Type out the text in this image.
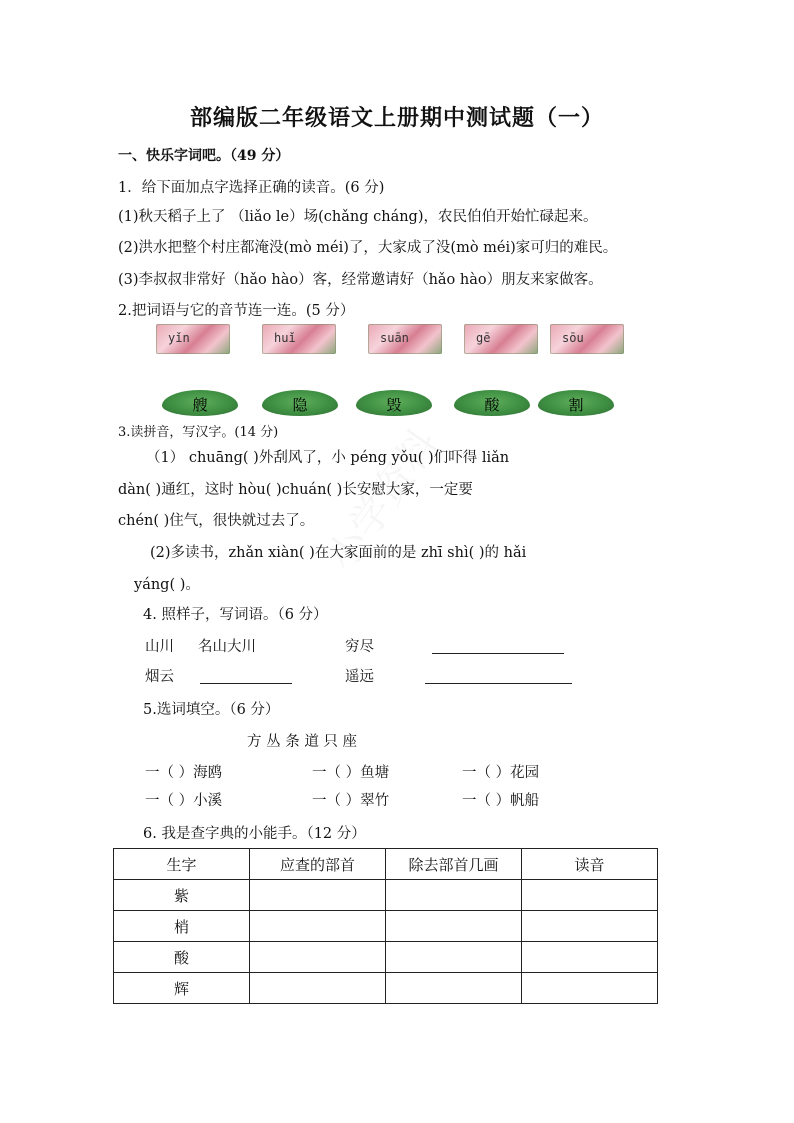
部编版二年级语文上册期中测试题（一）
一、快乐字词吧。（49 分）
1．给下面加点字选择正确的读音。(6 分)
(1)秋天稻子上了 （liǎo le）场(chǎng cháng)，农民伯伯开始忙碌起来。
(2)洪水把整个村庄都淹没(mò méi)了，大家成了没(mò méi)家可归的难民。
(3)李叔叔非常好（hǎo hào）客，经常邀请好（hǎo hào）朋友来家做客。
2.把词语与它的音节连一连。(5 分）
yǐn	huǐ	suān	gē	sōu
艘	隐	毁	酸	割
3.读拼音，写汉字。(14 分)
（1） chuāng( )外刮风了，小 péng yǒu( )们吓得 liǎn
dàn( )通红，这时 hòu( )chuán( )长安慰大家，一定要
chén( )住气，很快就过去了。
(2)多读书，zhǎn xiàn( )在大家面前的是 zhī shì( )的 hǎi
yáng( )。
4. 照样子，写词语。（6 分）
山川 名山大川	穷尽
烟云	遥远
5.选词填空。（6 分）
方 丛 条 道 只 座
一（ ）海鸥	一（ ）鱼塘	一（ ）花园
一（ ）小溪	一（ ）翠竹	一（ ）帆船
6. 我是查字典的小能手。（12 分）
生字	应查的部首	除去部首几画	读音
紫			
梢			
酸			
辉			
